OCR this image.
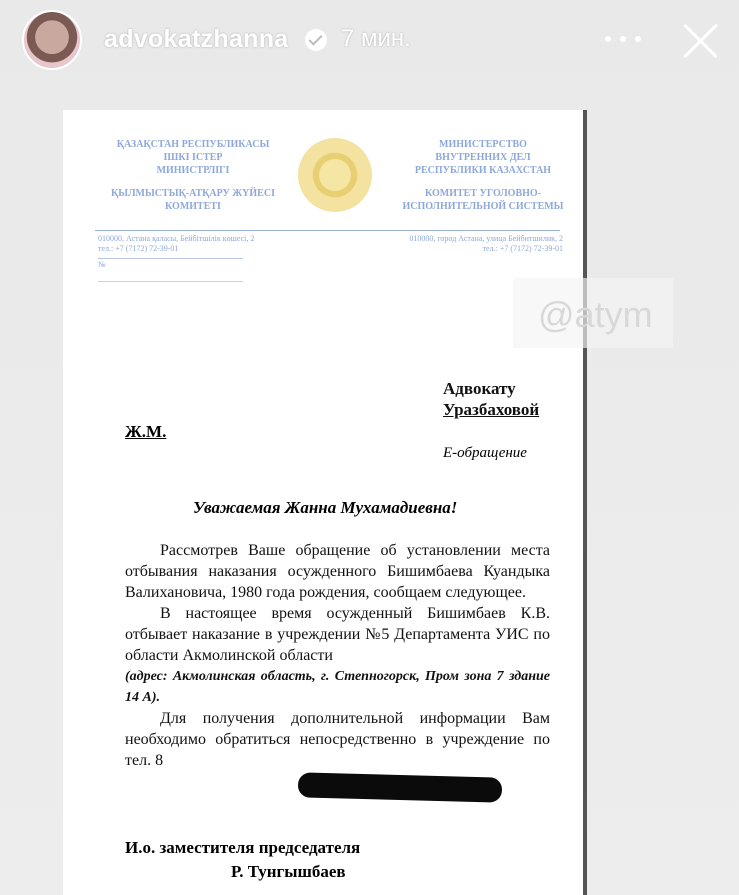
advokatzhanna 7 мин.
ҚАЗАҚСТАН РЕСПУБЛИКАСЫ
ІШКІ ІСТЕР
МИНИСТРЛІГІ
ҚЫЛМЫСТЫҚ-АТҚАРУ ЖҮЙЕСІ
КОМИТЕТІ
МИНИСТЕРСТВО
ВНУТРЕННИХ ДЕЛ
РЕСПУБЛИКИ КАЗАХСТАН
КОМИТЕТ УГОЛОВНО-
ИСПОЛНИТЕЛЬНОЙ СИСТЕМЫ
010000, Астана қаласы, Бейбітшілік көшесі, 2
тел.: +7 (7172) 72-39-01
010000, город Астана, улица Бейбитшилик, 2
тел.: +7 (7172) 72-39-01
№
@atym
Адвокату
Уразбаховой
Ж.М.
Е-обращение
Уважаемая Жанна Мухамадиевна!

Рассмотрев Ваше обращение об установлении места отбывания наказания осужденного Бишимбаева Куандыка Валихановича, 1980 года рождения, сообщаем следующее.

В настоящее время осужденный Бишимбаев К.В. отбывает наказание в учреждении №5 Департамента УИС по области Акмолинской области

(адрес: Акмолинская область, г. Степногорск, Пром зона 7 здание 14 А).

Для получения дополнительной информации Вам необходимо обратиться непосредственно в учреждение по тел. 8

И.о. заместителя председателя
Р. Тунгышбаев
